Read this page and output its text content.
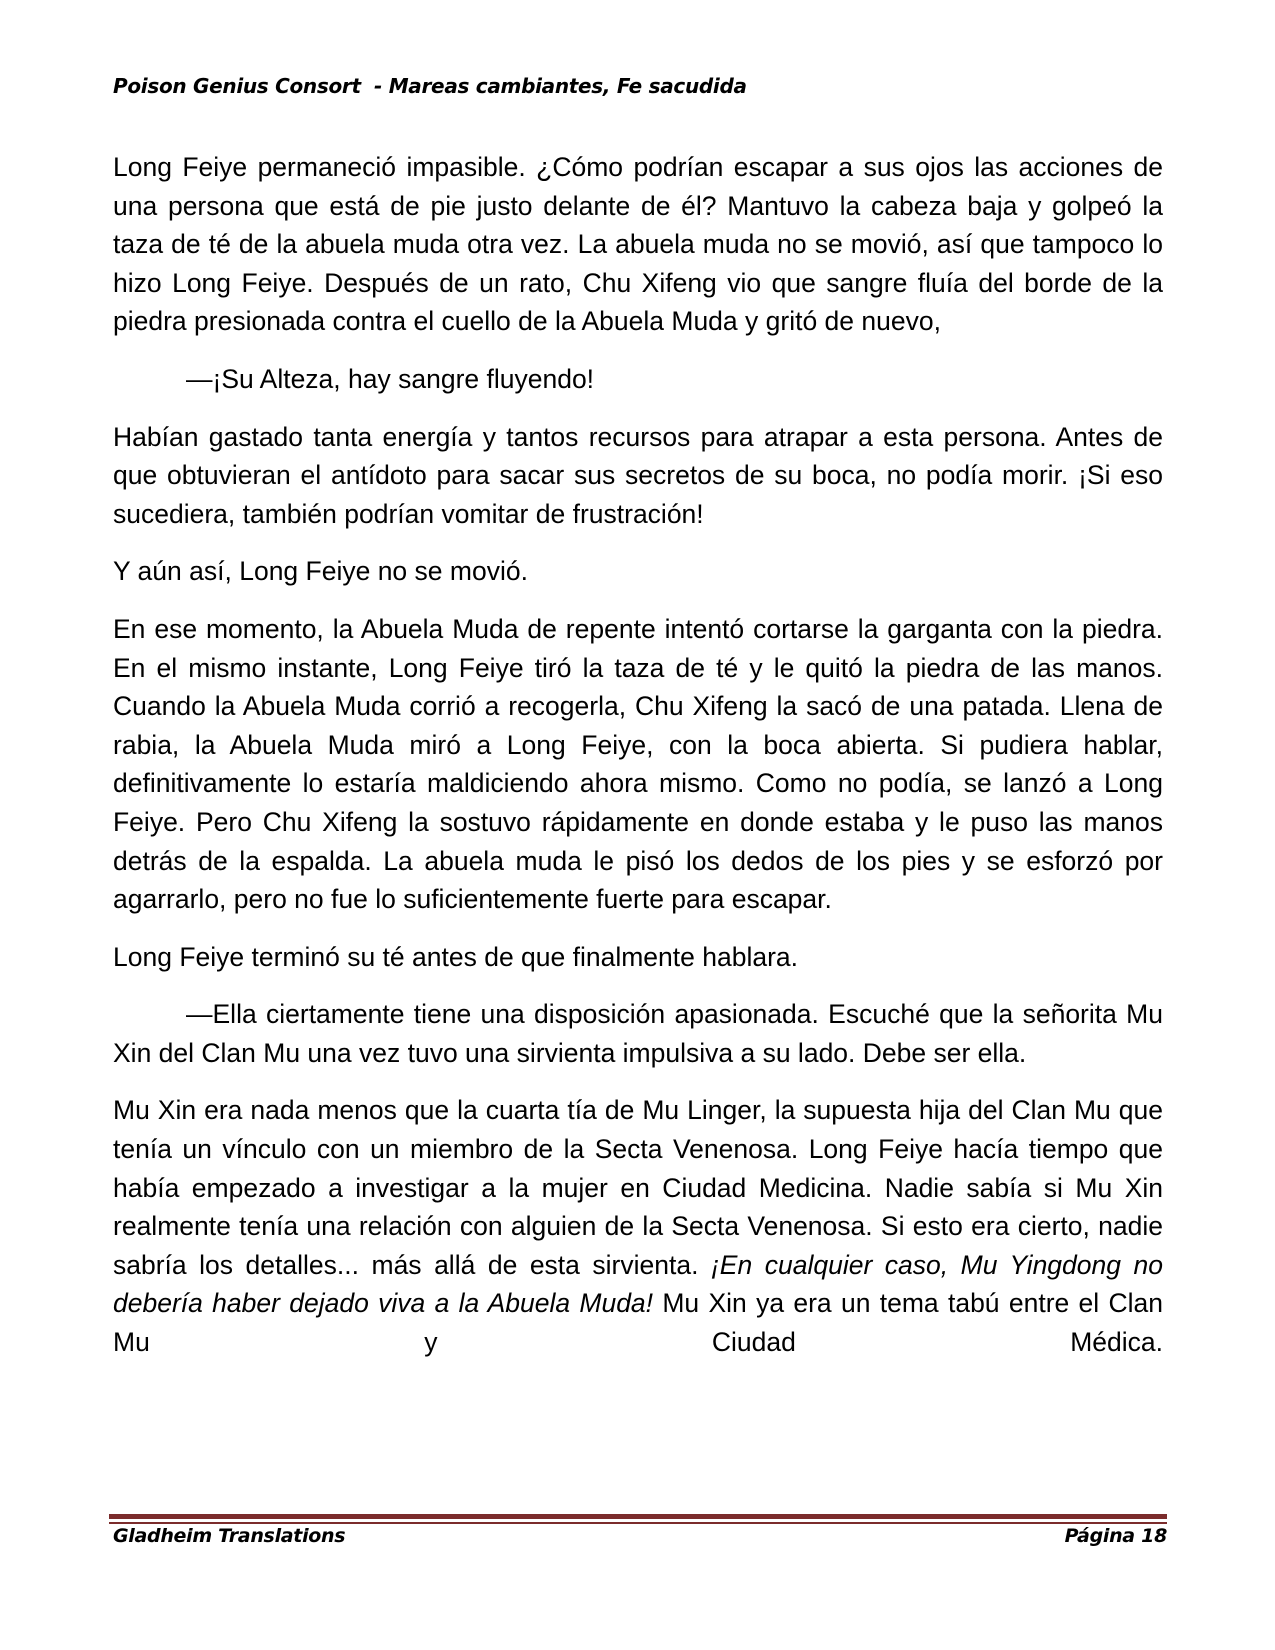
Poison Genius Consort  - Mareas cambiantes, Fe sacudida

Long Feiye permaneció impasible. ¿Cómo podrían escapar a sus ojos las acciones de una persona que está de pie justo delante de él? Mantuvo la cabeza baja y golpeó la taza de té de la abuela muda otra vez. La abuela muda no se movió, así que tampoco lo hizo Long Feiye. Después de un rato, Chu Xifeng vio que sangre fluía del borde de la piedra presionada contra el cuello de la Abuela Muda y gritó de nuevo,

—¡Su Alteza, hay sangre fluyendo!

Habían gastado tanta energía y tantos recursos para atrapar a esta persona. Antes de que obtuvieran el antídoto para sacar sus secretos de su boca, no podía morir. ¡Si eso sucediera, también podrían vomitar de frustración!

Y aún así, Long Feiye no se movió.

En ese momento, la Abuela Muda de repente intentó cortarse la garganta con la piedra. En el mismo instante, Long Feiye tiró la taza de té y le quitó la piedra de las manos. Cuando la Abuela Muda corrió a recogerla, Chu Xifeng la sacó de una patada. Llena de rabia, la Abuela Muda miró a Long Feiye, con la boca abierta. Si pudiera hablar, definitivamente lo estaría maldiciendo ahora mismo. Como no podía, se lanzó a Long Feiye. Pero Chu Xifeng la sostuvo rápidamente en donde estaba y le puso las manos detrás de la espalda. La abuela muda le pisó los dedos de los pies y se esforzó por agarrarlo, pero no fue lo suficientemente fuerte para escapar.

Long Feiye terminó su té antes de que finalmente hablara.

—Ella ciertamente tiene una disposición apasionada. Escuché que la señorita Mu Xin del Clan Mu una vez tuvo una sirvienta impulsiva a su lado. Debe ser ella.

Mu Xin era nada menos que la cuarta tía de Mu Linger, la supuesta hija del Clan Mu que tenía un vínculo con un miembro de la Secta Venenosa. Long Feiye hacía tiempo que había empezado a investigar a la mujer en Ciudad Medicina. Nadie sabía si Mu Xin realmente tenía una relación con alguien de la Secta Venenosa. Si esto era cierto, nadie sabría los detalles... más allá de esta sirvienta. ¡En cualquier caso, Mu Yingdong no debería haber dejado viva a la Abuela Muda! Mu Xin ya era un tema tabú entre el Clan Mu y Ciudad Médica.

Gladheim Translations	Página 18
